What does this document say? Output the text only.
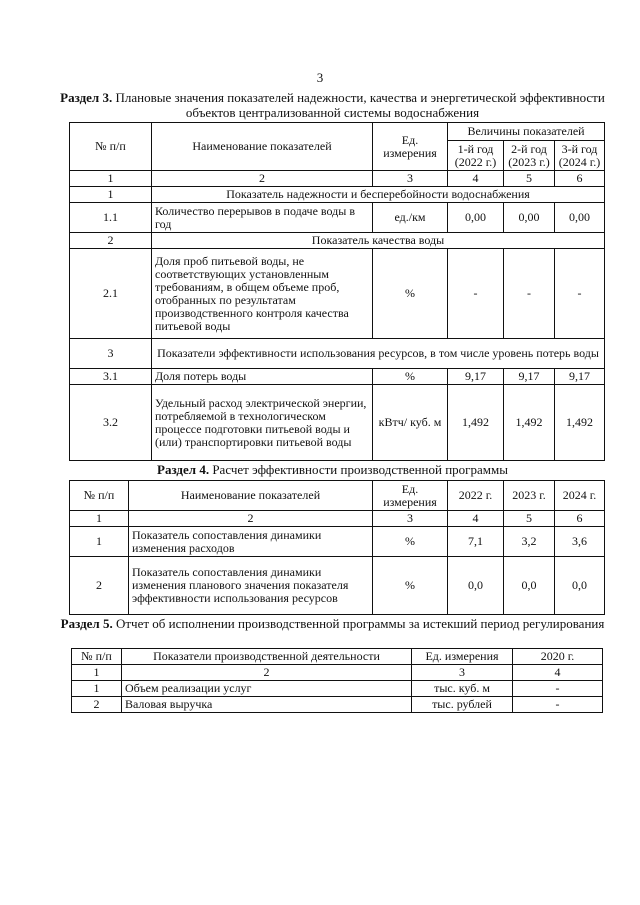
3
Раздел 3. Плановые значения показателей надежности, качества и энергетической эффективности объектов централизованной системы водоснабжения
№ п/п	Наименование показателей	Ед. измерения	Величины показателей		
			1-й год (2022 г.)	2-й год (2023 г.)	3-й год (2024 г.)
1	2	3	4	5	6
1	Показатель надежности и бесперебойности водоснабжения				
1.1	Количество перерывов в подаче воды в год	ед./км	0,00	0,00	0,00
2	Показатель качества воды				
2.1	Доля проб питьевой воды, не соответствующих установленным требованиям, в общем объеме проб, отобранных по результатам производственного контроля качества питьевой воды	%	-	-	-
3	Показатели эффективности использования ресурсов, в том числе уровень потерь воды				
3.1	Доля потерь воды	%	9,17	9,17	9,17
3.2	Удельный расход электрической энергии, потребляемой в технологическом процессе подготовки питьевой воды и (или) транспортировки питьевой воды	кВтч/ куб. м	1,492	1,492	1,492
Раздел 4. Расчет эффективности производственной программы
№ п/п	Наименование показателей	Ед. измерения	2022 г.	2023 г.	2024 г.
1	2	3	4	5	6
1	Показатель сопоставления динамики изменения расходов	%	7,1	3,2	3,6
2	Показатель сопоставления динамики изменения планового значения показателя эффективности использования ресурсов	%	0,0	0,0	0,0
Раздел 5. Отчет об исполнении производственной программы за истекший период регулирования
№ п/п	Показатели производственной деятельности	Ед. измерения	2020 г.
1	2	3	4
1	Объем реализации услуг	тыс. куб. м	-
2	Валовая выручка	тыс. рублей	-
